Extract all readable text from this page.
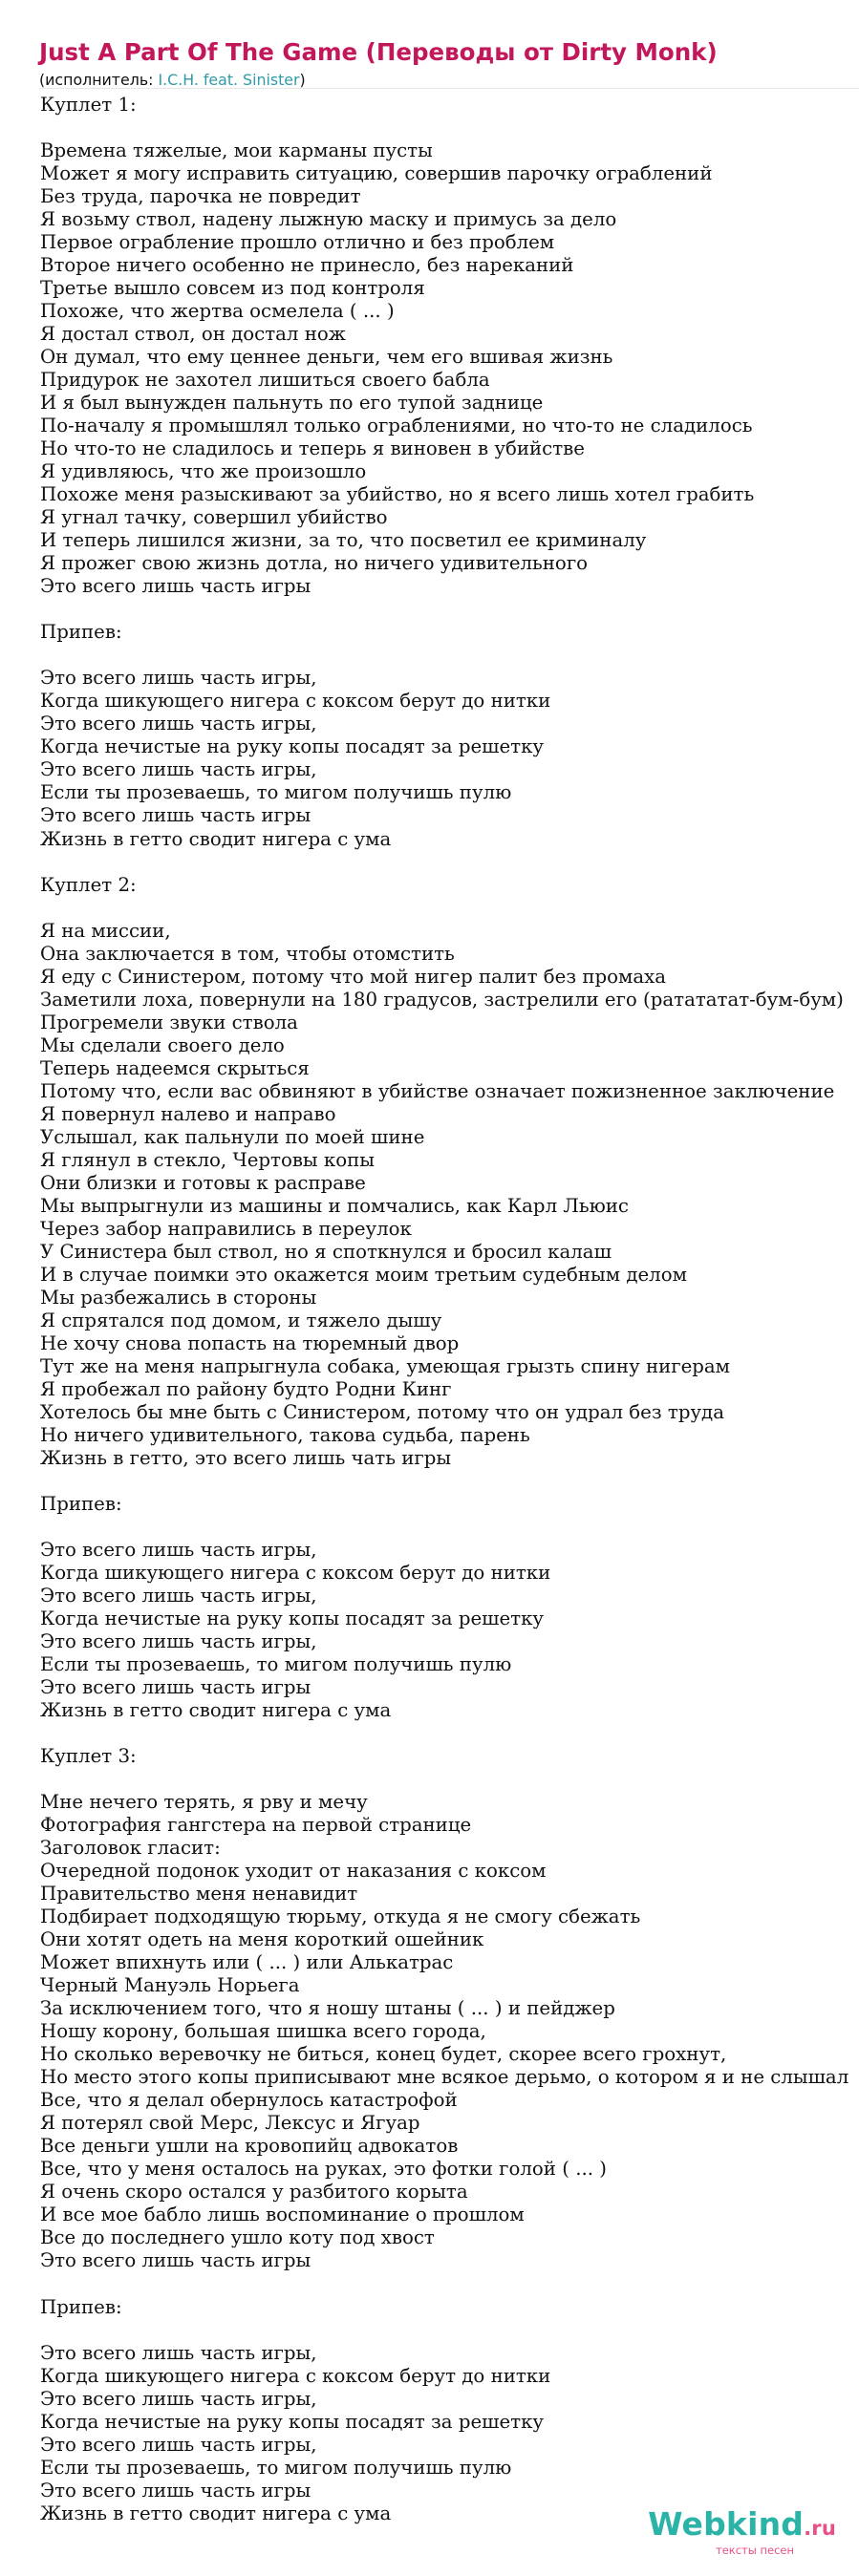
Just A Part Of The Game (Переводы от Dirty Monk)
(исполнитель: I.C.H. feat. Sinister)
Куплет 1:
Времена тяжелые, мои карманы пусты
Может я могу исправить ситуацию, совершив парочку ограблений
Без труда, парочка не повредит
Я возьму ствол, надену лыжную маску и примусь за дело
Первое ограбление прошло отлично и без проблем
Второе ничего особенно не принесло, без нареканий
Третье вышло совсем из под контроля
Похоже, что жертва осмелела ( ... )
Я достал ствол, он достал нож
Он думал, что ему ценнее деньги, чем его вшивая жизнь
Придурок не захотел лишиться своего бабла
И я был вынужден пальнуть по его тупой заднице
По-началу я промышлял только ограблениями, но что-то не сладилось
Но что-то не сладилось и теперь я виновен в убийстве
Я удивляюсь, что же произошло
Похоже меня разыскивают за убийство, но я всего лишь хотел грабить
Я угнал тачку, совершил убийство
И теперь лишился жизни, за то, что посветил ее криминалу
Я прожег свою жизнь дотла, но ничего удивительного
Это всего лишь часть игры
Припев:
Это всего лишь часть игры,
Когда шикующего нигера с коксом берут до нитки
Это всего лишь часть игры,
Когда нечистые на руку копы посадят за решетку
Это всего лишь часть игры,
Если ты прозеваешь, то мигом получишь пулю
Это всего лишь часть игры
Жизнь в гетто сводит нигера с ума
Куплет 2:
Я на миссии,
Она заключается в том, чтобы отомстить
Я еду с Синистером, потому что мой нигер палит без промаха
Заметили лоха, повернули на 180 градусов, застрелили его (ратататат-бум-бум)
Прогремели звуки ствола
Мы сделали своего дело
Теперь надеемся скрыться
Потому что, если вас обвиняют в убийстве означает пожизненное заключение
Я повернул налево и направо
Услышал, как пальнули по моей шине
Я глянул в стекло, Чертовы копы
Они близки и готовы к расправе
Мы выпрыгнули из машины и помчались, как Карл Льюис
Через забор направились в переулок
У Синистера был ствол, но я споткнулся и бросил калаш
И в случае поимки это окажется моим третьим судебным делом
Мы разбежались в стороны
Я спрятался под домом, и тяжело дышу
Не хочу снова попасть на тюремный двор
Тут же на меня напрыгнула собака, умеющая грызть спину нигерам
Я пробежал по району будто Родни Кинг
Хотелось бы мне быть с Синистером, потому что он удрал без труда
Но ничего удивительного, такова судьба, парень
Жизнь в гетто, это всего лишь чать игры
Припев:
Это всего лишь часть игры,
Когда шикующего нигера с коксом берут до нитки
Это всего лишь часть игры,
Когда нечистые на руку копы посадят за решетку
Это всего лишь часть игры,
Если ты прозеваешь, то мигом получишь пулю
Это всего лишь часть игры
Жизнь в гетто сводит нигера с ума
Куплет 3:
Мне нечего терять, я рву и мечу
Фотография гангстера на первой странице
Заголовок гласит:
Очередной подонок уходит от наказания с коксом
Правительство меня ненавидит
Подбирает подходящую тюрьму, откуда я не смогу сбежать
Они хотят одеть на меня короткий ошейник
Может впихнуть или ( ... ) или Алькатрас
Черный Мануэль Норьега
За исключением того, что я ношу штаны ( ... ) и пейджер
Ношу корону, большая шишка всего города,
Но сколько веревочку не биться, конец будет, скорее всего грохнут,
Но место этого копы приписывают мне всякое дерьмо, о котором я и не слышал
Все, что я делал обернулось катастрофой
Я потерял свой Мерс, Лексус и Ягуар
Все деньги ушли на кровопийц адвокатов
Все, что у меня осталось на руках, это фотки голой ( ... )
Я очень скоро остался у разбитого корыта
И все мое бабло лишь воспоминание о прошлом
Все до последнего ушло коту под хвост
Это всего лишь часть игры
Припев:
Это всего лишь часть игры,
Когда шикующего нигера с коксом берут до нитки
Это всего лишь часть игры,
Когда нечистые на руку копы посадят за решетку
Это всего лишь часть игры,
Если ты прозеваешь, то мигом получишь пулю
Это всего лишь часть игры
Жизнь в гетто сводит нигера с ума	Webkind.ru
тексты песен
